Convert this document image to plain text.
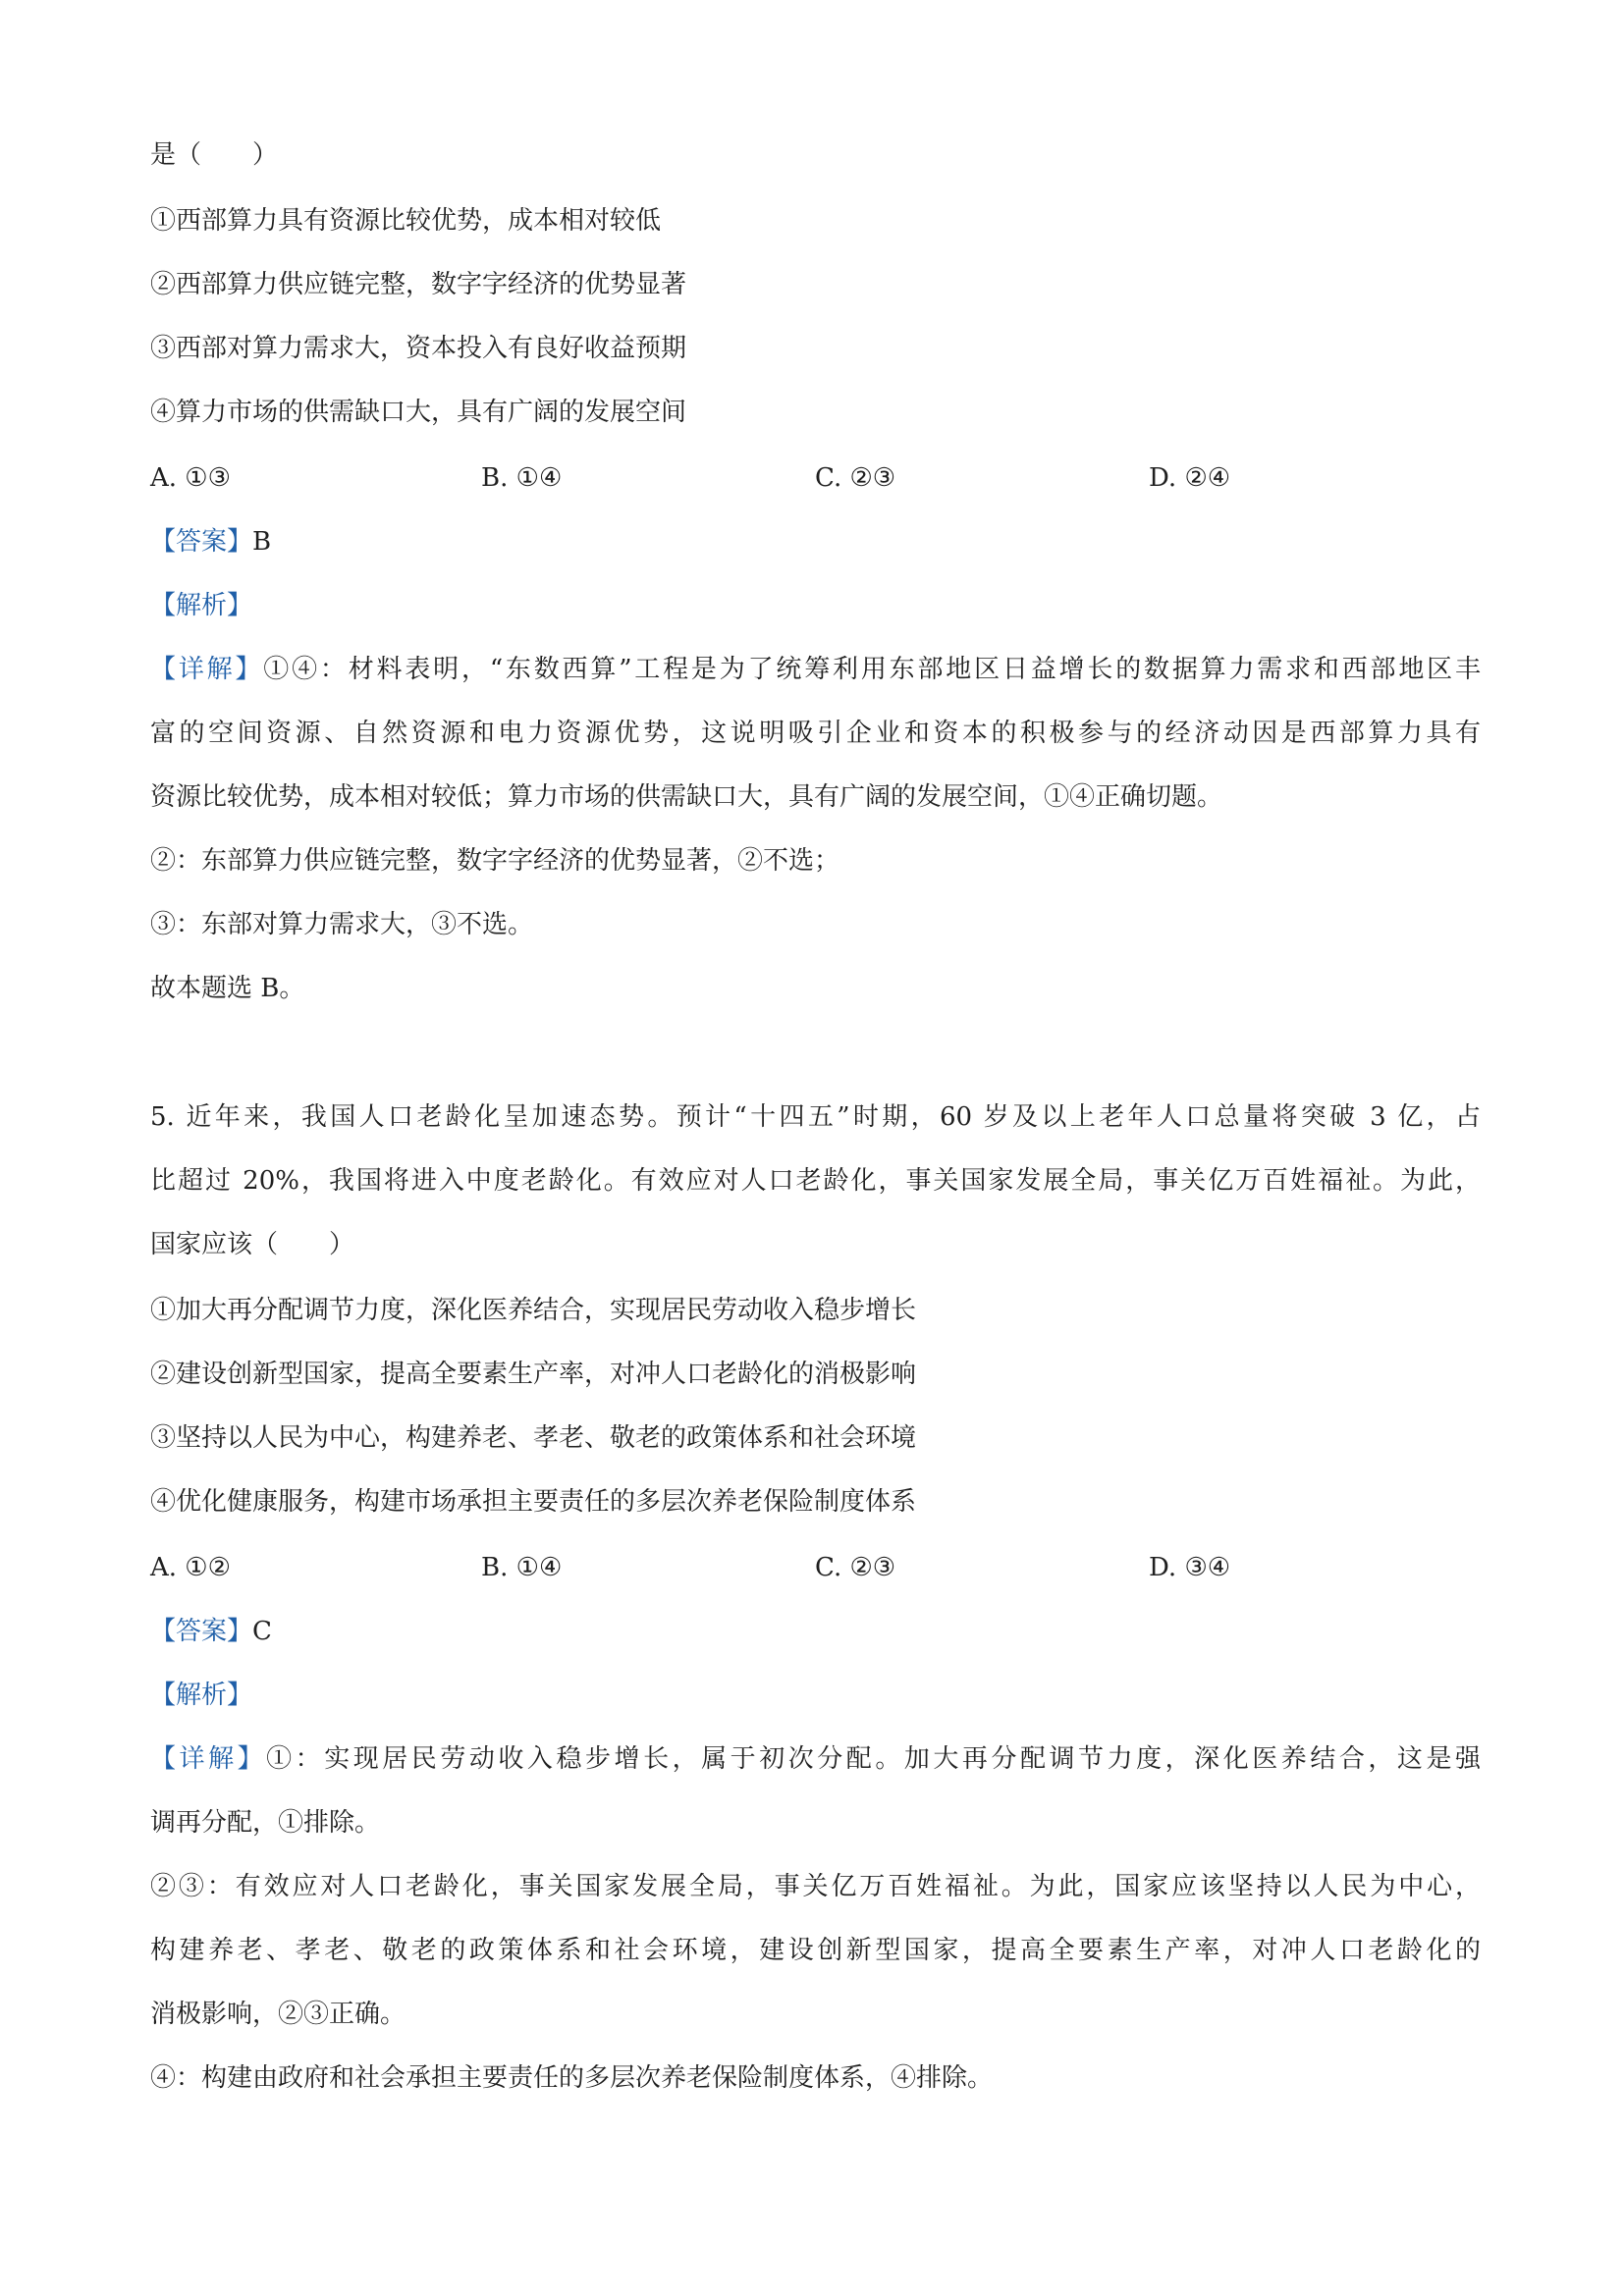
是（　　）
①西部算力具有资源比较优势，成本相对较低
②西部算力供应链完整，数字字经济的优势显著
③西部对算力需求大，资本投入有良好收益预期
④算力市场的供需缺口大，具有广阔的发展空间
A. ①③	B. ①④	C. ②③	D. ②④
【答案】B
【解析】
【详解】①④：材料表明，“东数西算”工程是为了统筹利用东部地区日益增长的数据算力需求和西部地区丰
富的空间资源、自然资源和电力资源优势，这说明吸引企业和资本的积极参与的经济动因是西部算力具有
资源比较优势，成本相对较低；算力市场的供需缺口大，具有广阔的发展空间，①④正确切题。
②：东部算力供应链完整，数字字经济的优势显著，②不选；
③：东部对算力需求大，③不选。
故本题选 B。
5. 近年来，我国人口老龄化呈加速态势。预计“十四五”时期，60 岁及以上老年人口总量将突破 3 亿，占
比超过 20%，我国将进入中度老龄化。有效应对人口老龄化，事关国家发展全局，事关亿万百姓福祉。为此，
国家应该（　　）
①加大再分配调节力度，深化医养结合，实现居民劳动收入稳步增长
②建设创新型国家，提高全要素生产率，对冲人口老龄化的消极影响
③坚持以人民为中心，构建养老、孝老、敬老的政策体系和社会环境
④优化健康服务，构建市场承担主要责任的多层次养老保险制度体系
A. ①②	B. ①④	C. ②③	D. ③④
【答案】C
【解析】
【详解】①：实现居民劳动收入稳步增长，属于初次分配。加大再分配调节力度，深化医养结合，这是强
调再分配，①排除。
②③：有效应对人口老龄化，事关国家发展全局，事关亿万百姓福祉。为此，国家应该坚持以人民为中心，
构建养老、孝老、敬老的政策体系和社会环境，建设创新型国家，提高全要素生产率，对冲人口老龄化的
消极影响，②③正确。
④：构建由政府和社会承担主要责任的多层次养老保险制度体系，④排除。
